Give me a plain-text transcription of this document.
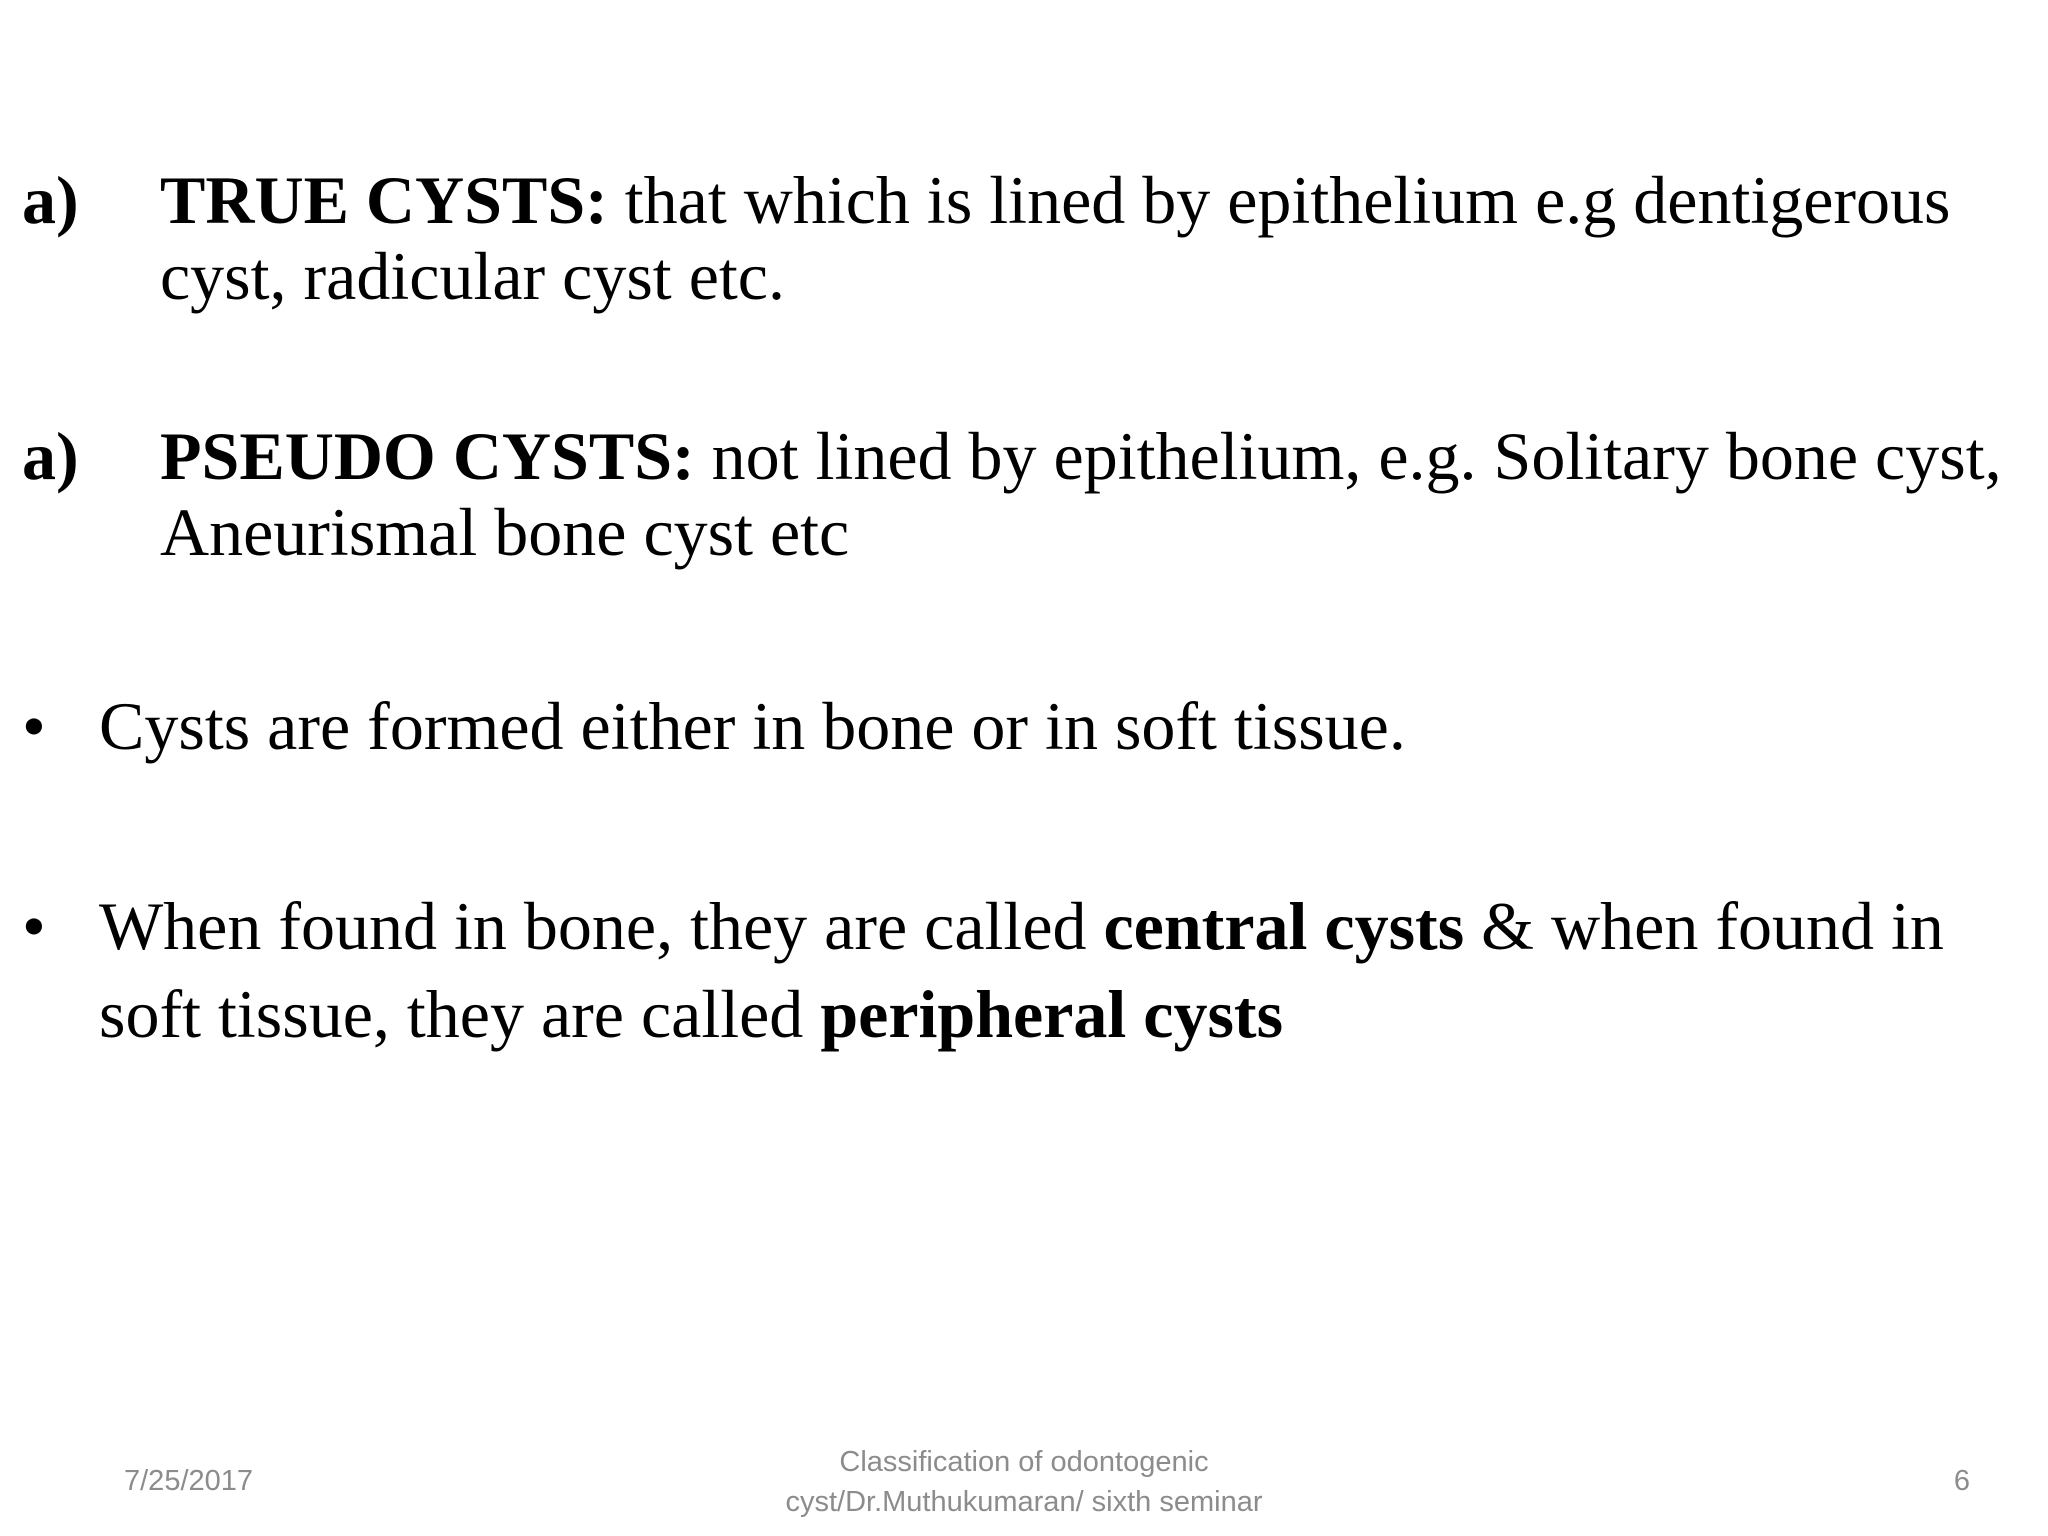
a)	TRUE CYSTS: that which is lined by epithelium e.g dentigerous cyst, radicular cyst etc.
a)	PSEUDO CYSTS: not lined by epithelium, e.g. Solitary bone cyst, Aneurismal bone cyst etc
• Cysts are formed either in bone or in soft tissue.
• When found in bone, they are called central cysts & when found in soft tissue, they are called peripheral cysts
7/25/2017
Classification of odontogenic
cyst/Dr.Muthukumaran/ sixth seminar
6
